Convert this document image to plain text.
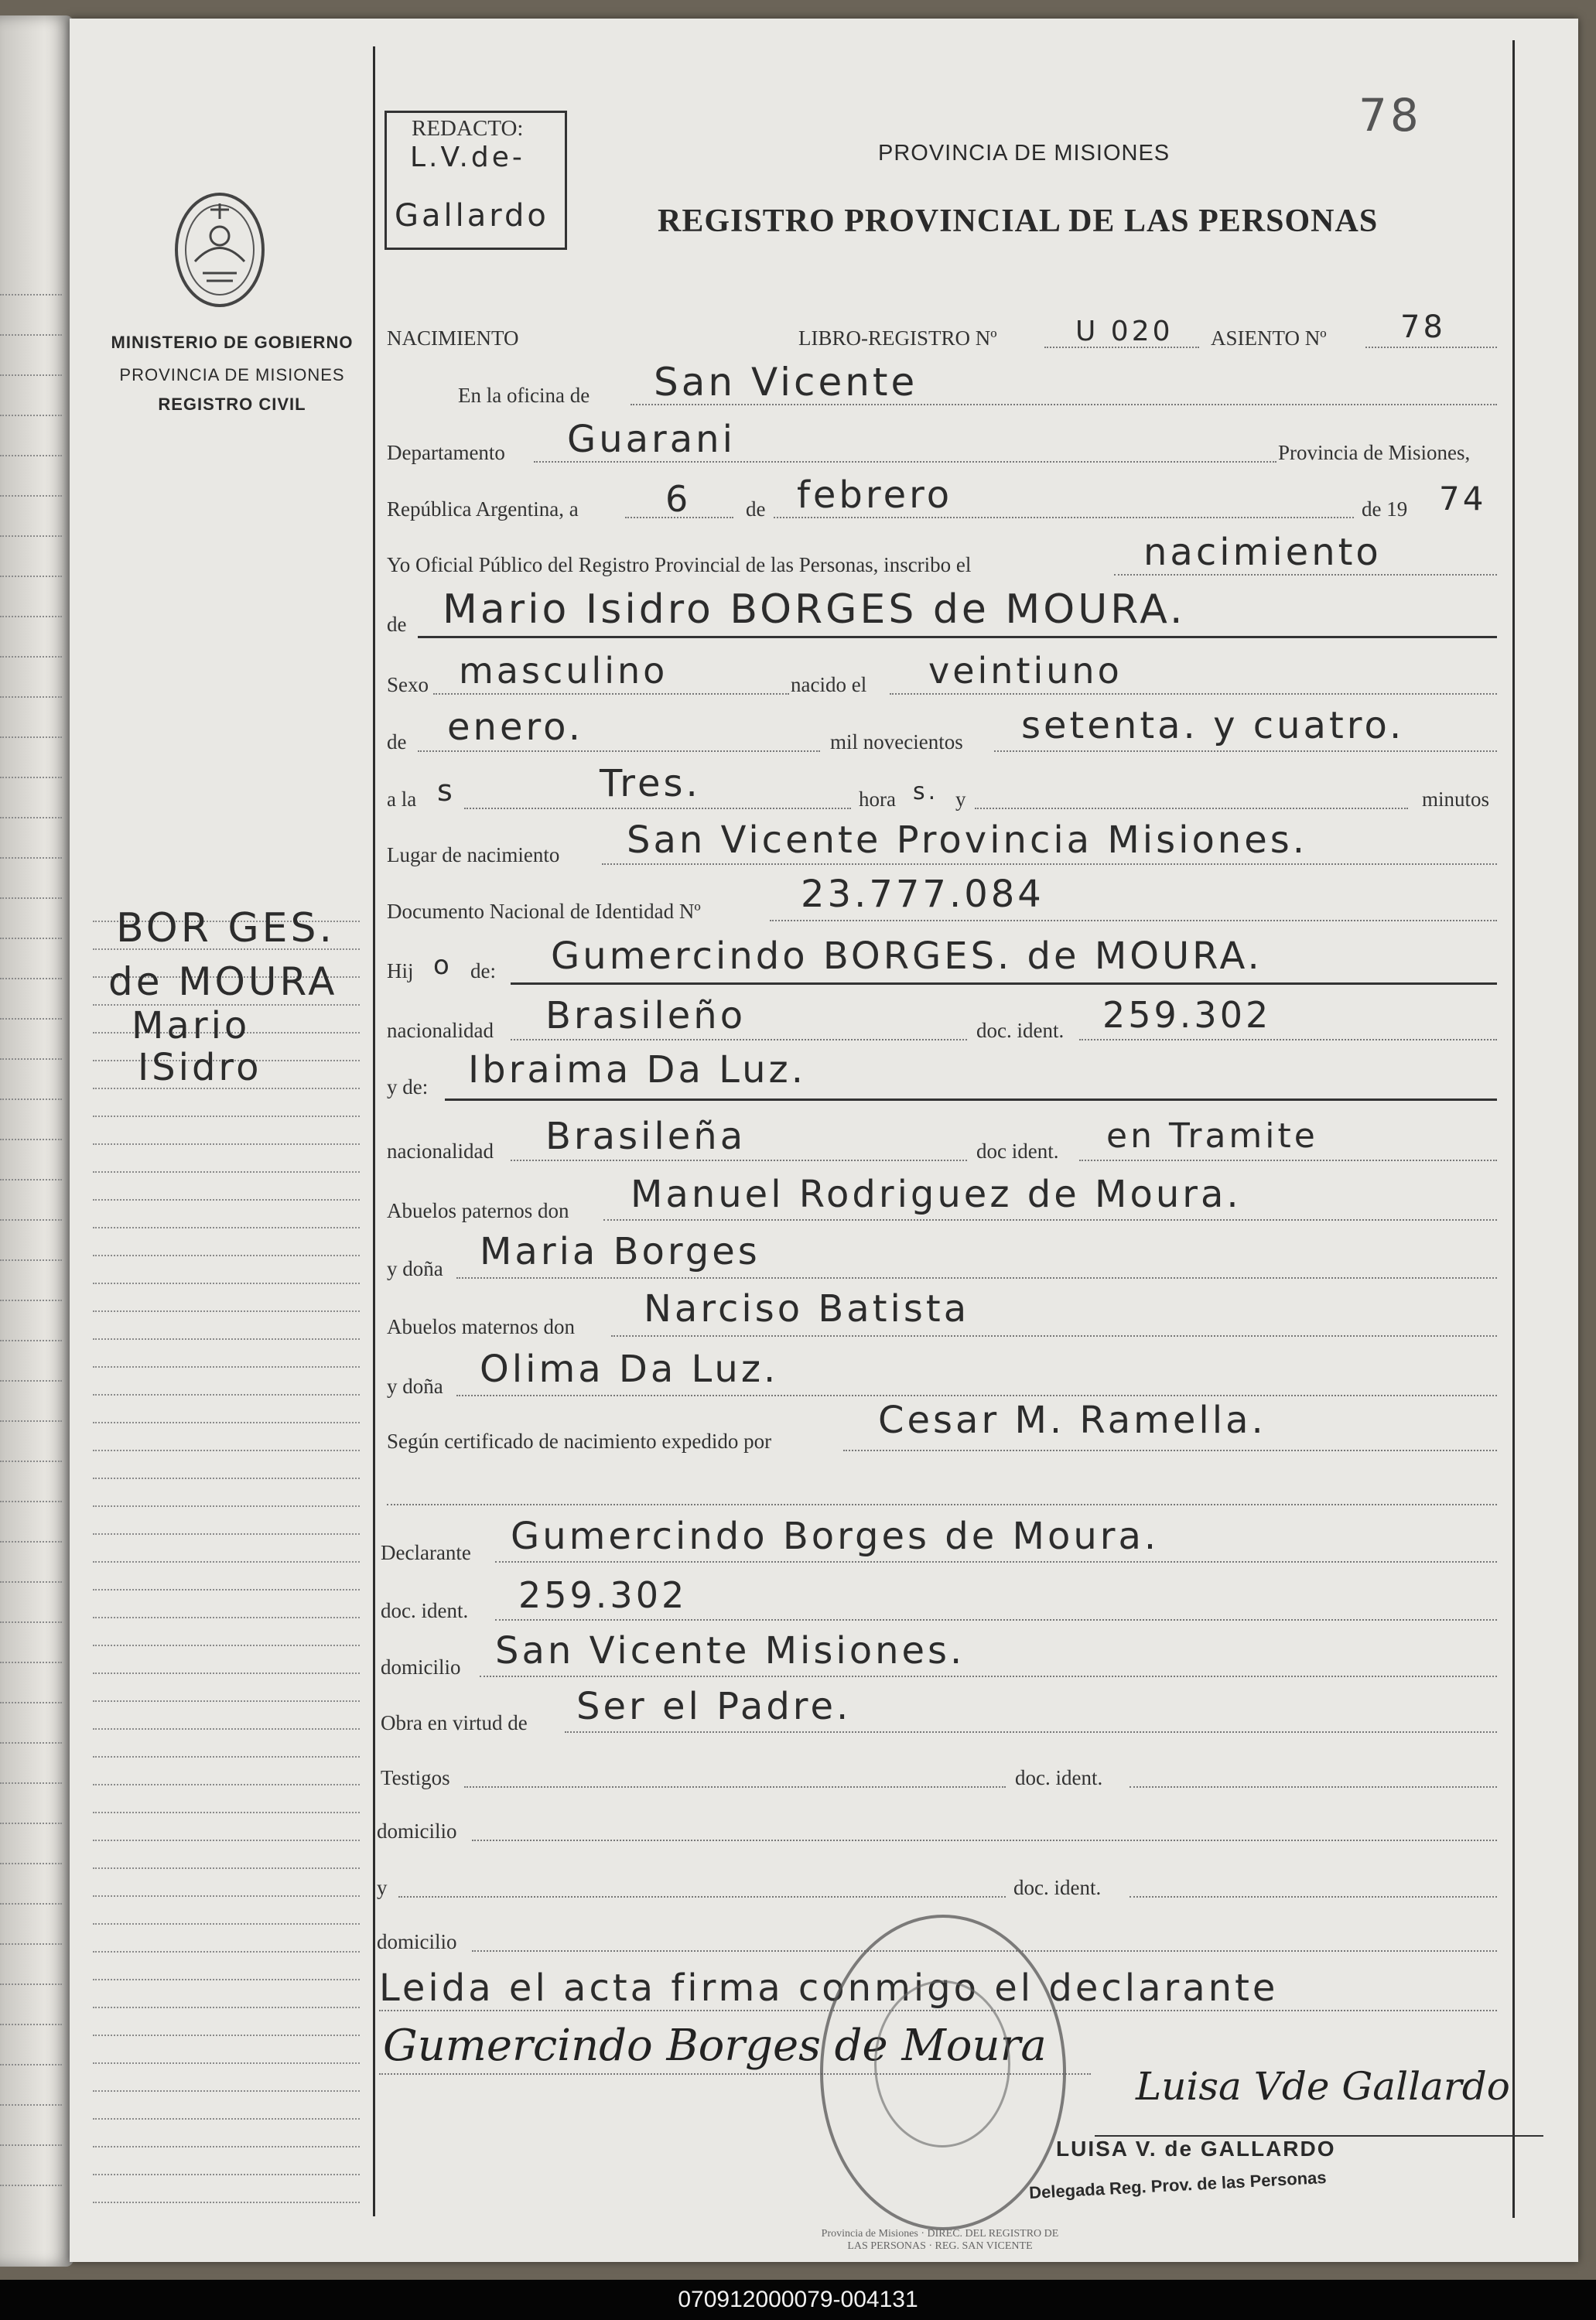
MINISTERIO DE GOBIERNO
PROVINCIA DE MISIONES
REGISTRO CIVIL
BOR GES.
de MOURA
Mario
ISidro
REDACTO:
L.V.de-
Gallardo
78
PROVINCIA DE MISIONES
REGISTRO PROVINCIAL DE LAS PERSONAS
NACIMIENTO	LIBRO-REGISTRO Nº	U 020 ASIENTO Nº 78
En la oficina de San Vicente
Departamento Guarani	Provincia de Misiones,
República Argentina, a 6	de febrero	de 19 74
Yo Oficial Público del Registro Provincial de las Personas, inscribo el	nacimiento
de Mario Isidro BORGES de MOURA.
Sexo masculino	nacido el veintiuno
de enero.	mil novecientos setenta. y cuatro.
a la s	Tres.	hora s. y	minutos
Lugar de nacimiento San Vicente Provincia Misiones.
Documento Nacional de Identidad Nº	23.777.084
Hij o de: Gumercindo BORGES. de MOURA.
nacionalidad Brasileño	doc. ident. 259.302
y de: Ibraima Da Luz.
nacionalidad Brasileña	doc ident. en Tramite
Abuelos paternos don Manuel Rodriguez de Moura.
y doña Maria Borges
Abuelos maternos don Narciso Batista
y doña Olima Da Luz.
Según certificado de nacimiento expedido por	Cesar M. Ramella.
Declarante Gumercindo Borges de Moura.
doc. ident. 259.302
domicilio San Vicente Misiones.
Obra en virtud de Ser el Padre.
Testigos	doc. ident.
domicilio
y	doc. ident.
domicilio
Leida el acta firma conmigo el declarante
Gumercindo Borges de Moura
Luisa Vde Gallardo
LUISA V. de GALLARDO
Delegada Reg. Prov. de las Personas
Provincia de Misiones · DIREC. DEL REGISTRO DE LAS PERSONAS · REG. SAN VICENTE
070912000079-004131
